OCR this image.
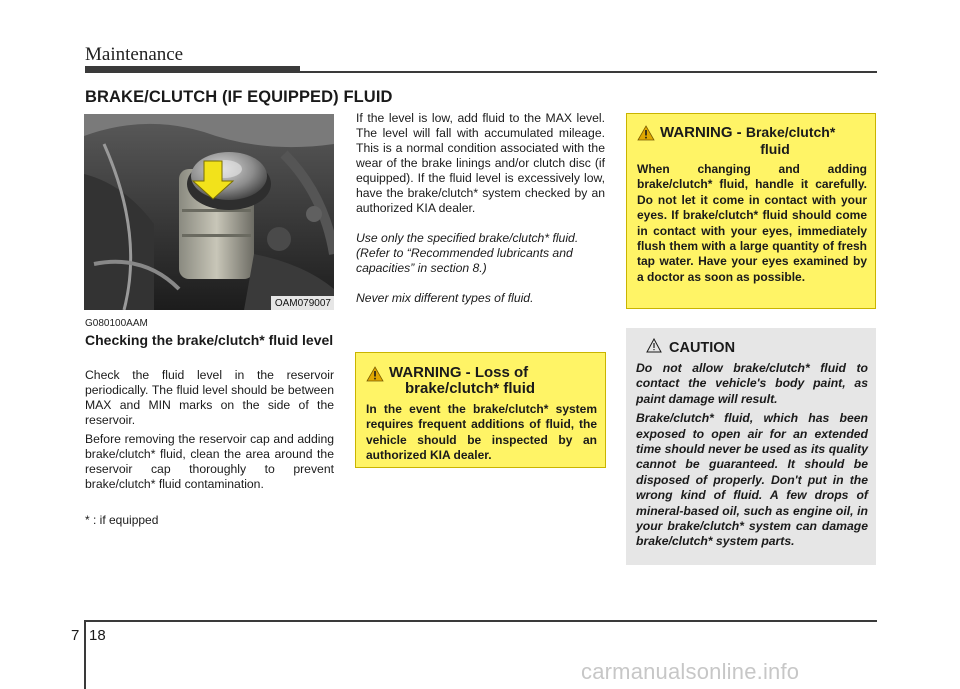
Maintenance
BRAKE/CLUTCH (IF EQUIPPED) FLUID
OAM079007
G080100AAM
Checking the brake/clutch* fluid level

Check the fluid level in the reservoir periodically. The fluid level should be between MAX and MIN marks on the side of the reservoir.

Before removing the reservoir cap and adding brake/clutch* fluid, clean the area around the reservoir cap thoroughly to prevent brake/clutch* fluid contamination.

* : if equipped

If the level is low, add fluid to the MAX level. The level will fall with accumulated mileage. This is a normal condition associated with the wear of the brake linings and/or clutch disc (if equipped). If the fluid level is excessively low, have the brake/clutch* system checked by an authorized KIA dealer.

Use only the specified brake/clutch* fluid. (Refer to “Recommended lubricants and capacities” in section 8.)

Never mix different types of fluid.

WARNING - Loss of
brake/clutch* fluid
In the event the brake/clutch* system requires frequent additions of fluid, the vehicle should be inspected by an authorized KIA dealer.
WARNING - Brake/clutch*

fluid
When changing and adding brake/clutch* fluid, handle it carefully. Do not let it come in contact with your eyes. If brake/clutch* fluid should come in contact with your eyes, immediately flush them with a large quantity of fresh tap water. Have your eyes examined by a doctor as soon as possible.
CAUTION

Do not allow brake/clutch* fluid to contact the vehicle's body paint, as paint damage will result.

Brake/clutch* fluid, which has been exposed to open air for an extended time should never be used as its quality cannot be guaranteed. It should be disposed of properly. Don't put in the wrong kind of fluid. A few drops of mineral-based oil, such as engine oil, in your brake/clutch* system can damage brake/clutch* system parts.

7 18
carmanualsonline.info
